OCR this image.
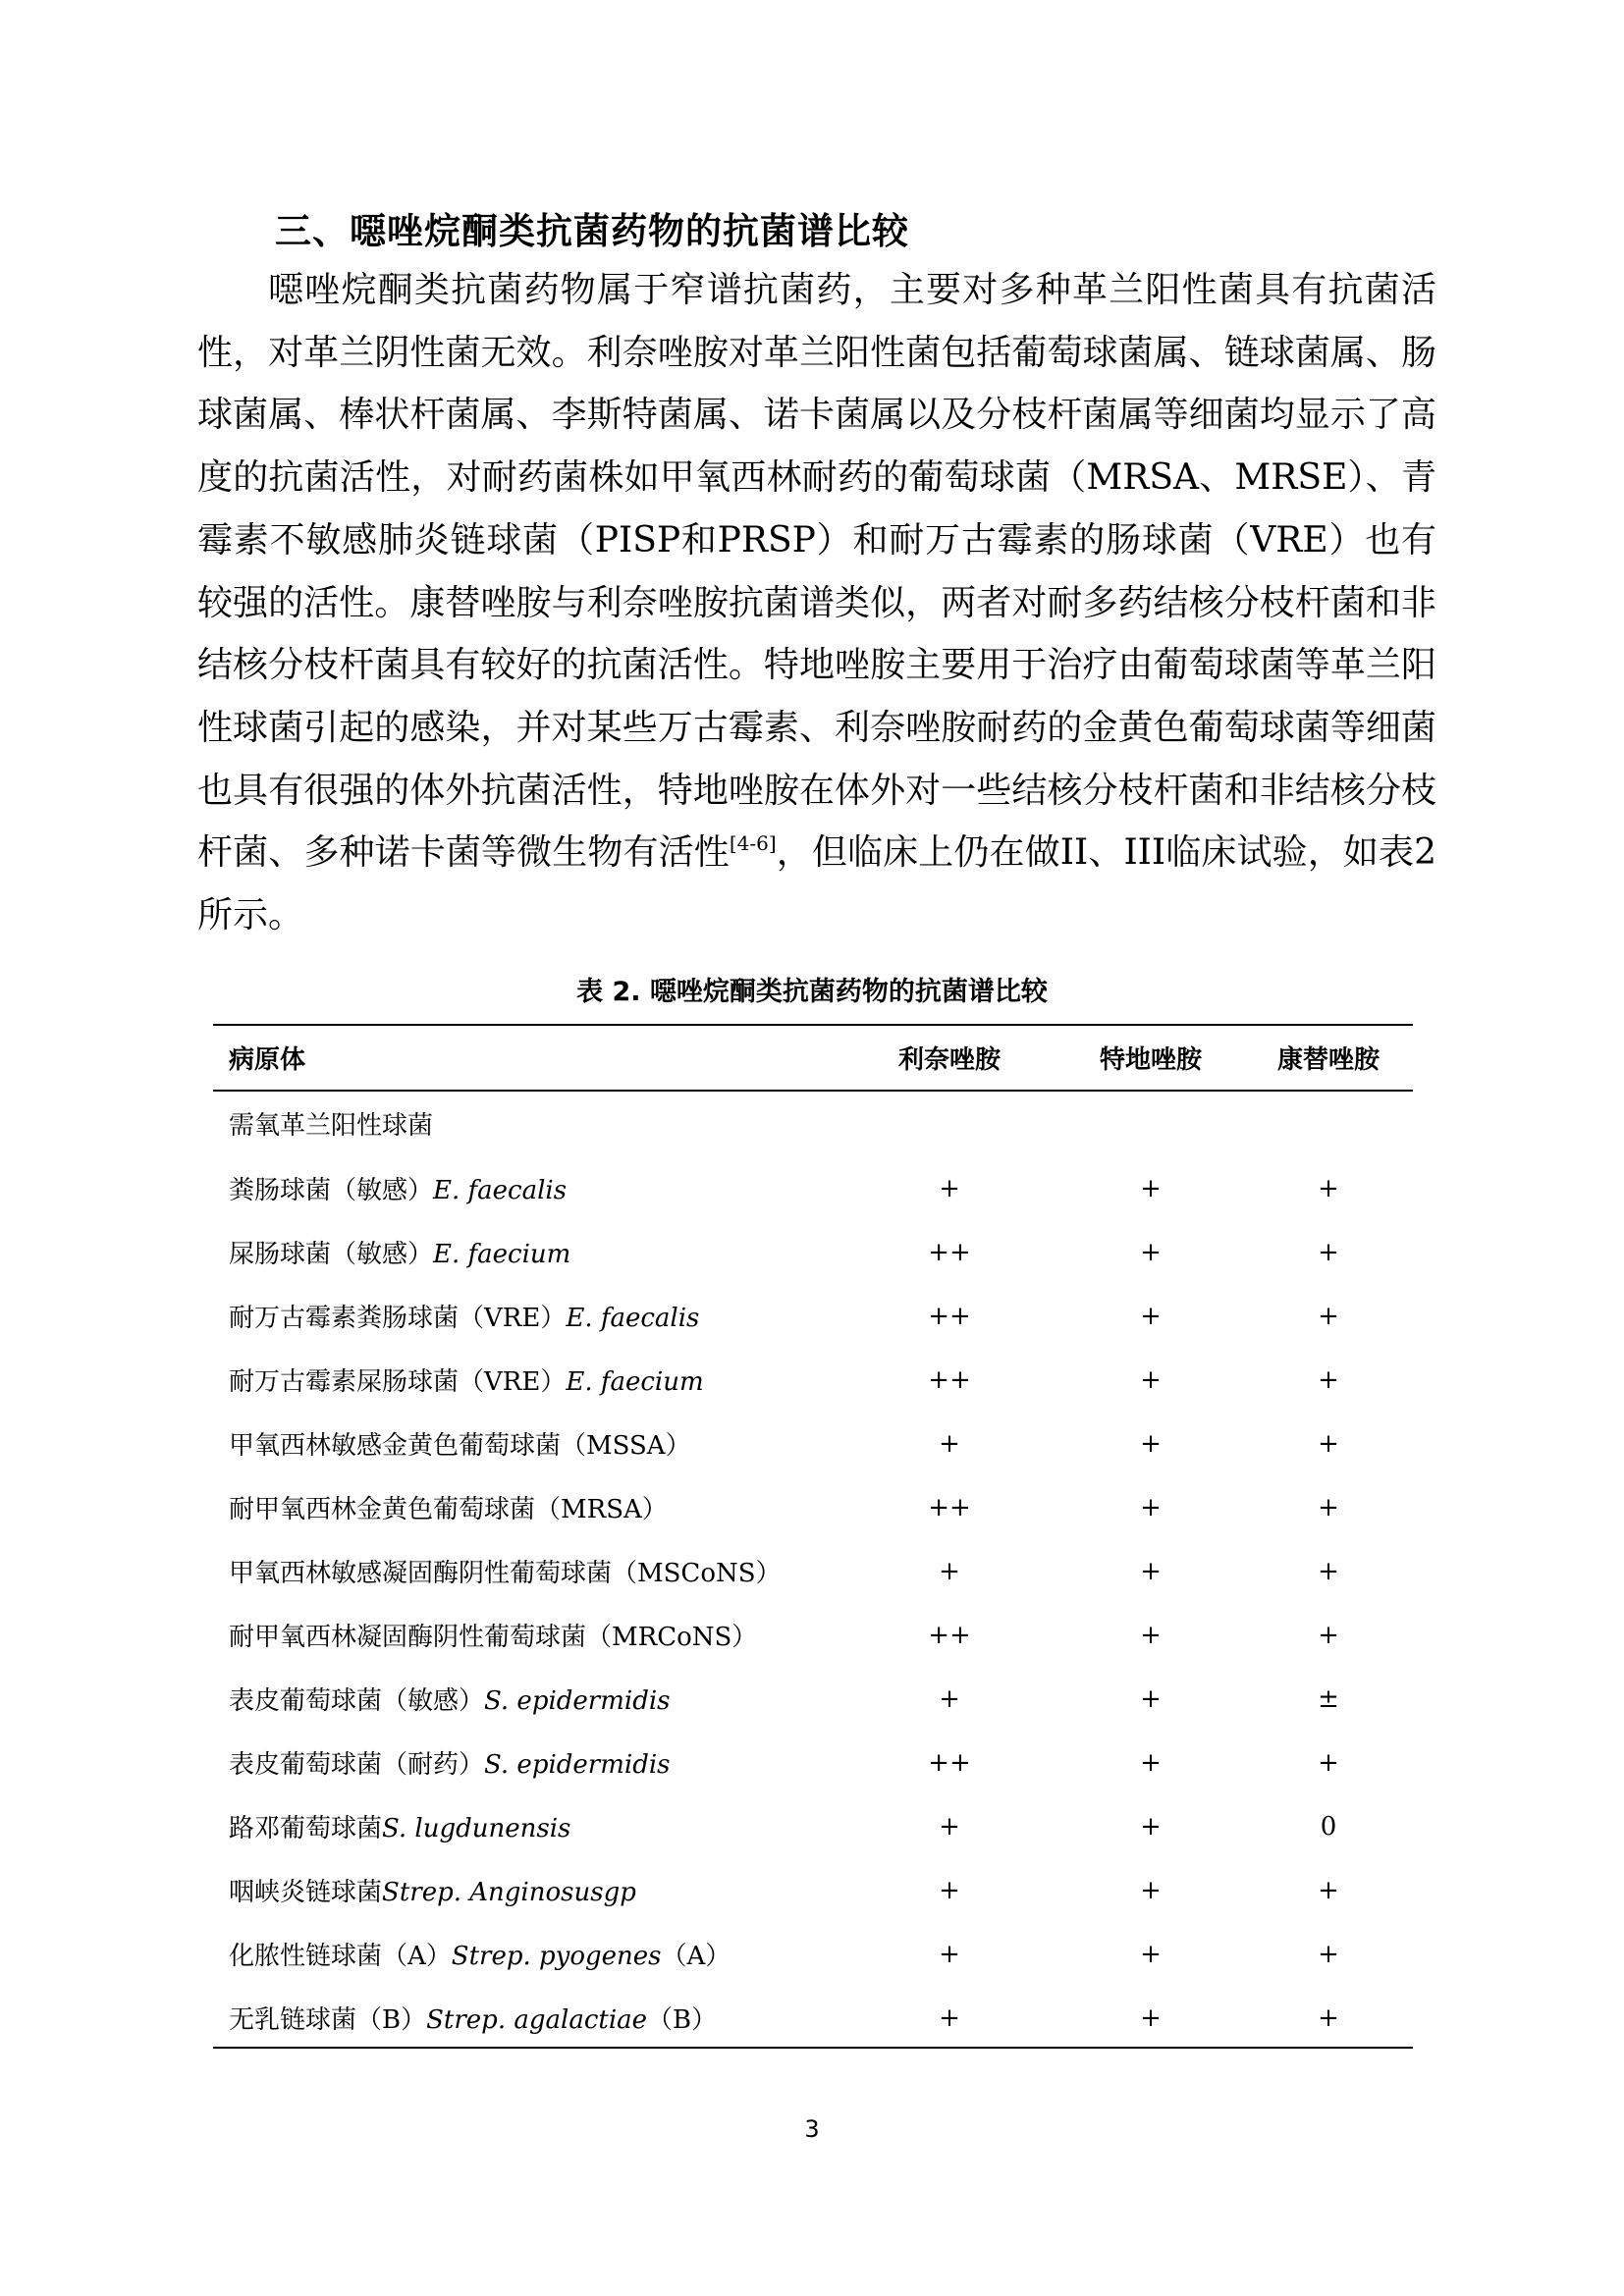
三、噁唑烷酮类抗菌药物的抗菌谱比较

噁唑烷酮类抗菌药物属于窄谱抗菌药，主要对多种革兰阳性菌具有抗菌活性，对革兰阴性菌无效。利奈唑胺对革兰阳性菌包括葡萄球菌属、链球菌属、肠球菌属、棒状杆菌属、李斯特菌属、诺卡菌属以及分枝杆菌属等细菌均显示了高度的抗菌活性，对耐药菌株如甲氧西林耐药的葡萄球菌（MRSA、MRSE）、青霉素不敏感肺炎链球菌（PISP和PRSP）和耐万古霉素的肠球菌（VRE）也有较强的活性。康替唑胺与利奈唑胺抗菌谱类似，两者对耐多药结核分枝杆菌和非结核分枝杆菌具有较好的抗菌活性。特地唑胺主要用于治疗由葡萄球菌等革兰阳性球菌引起的感染，并对某些万古霉素、利奈唑胺耐药的金黄色葡萄球菌等细菌也具有很强的体外抗菌活性，特地唑胺在体外对一些结核分枝杆菌和非结核分枝杆菌、多种诺卡菌等微生物有活性[4-6]，但临床上仍在做II、III临床试验，如表2所示。

表 2. 噁唑烷酮类抗菌药物的抗菌谱比较

病原体	利奈唑胺	特地唑胺	康替唑胺
需氧革兰阳性球菌			
粪肠球菌（敏感）E. faecalis	+	+	+
屎肠球菌（敏感）E. faecium	++	+	+
耐万古霉素粪肠球菌（VRE）E. faecalis	++	+	+
耐万古霉素屎肠球菌（VRE）E. faecium	++	+	+
甲氧西林敏感金黄色葡萄球菌（MSSA）	+	+	+
耐甲氧西林金黄色葡萄球菌（MRSA）	++	+	+
甲氧西林敏感凝固酶阴性葡萄球菌（MSCoNS）	+	+	+
耐甲氧西林凝固酶阴性葡萄球菌（MRCoNS）	++	+	+
表皮葡萄球菌（敏感）S. epidermidis	+	+	±
表皮葡萄球菌（耐药）S. epidermidis	++	+	+
路邓葡萄球菌S. lugdunensis	+	+	0
咽峡炎链球菌Strep. Anginosusgp	+	+	+
化脓性链球菌（A）Strep. pyogenes（A）	+	+	+
无乳链球菌（B）Strep. agalactiae（B）	+	+	+

3
